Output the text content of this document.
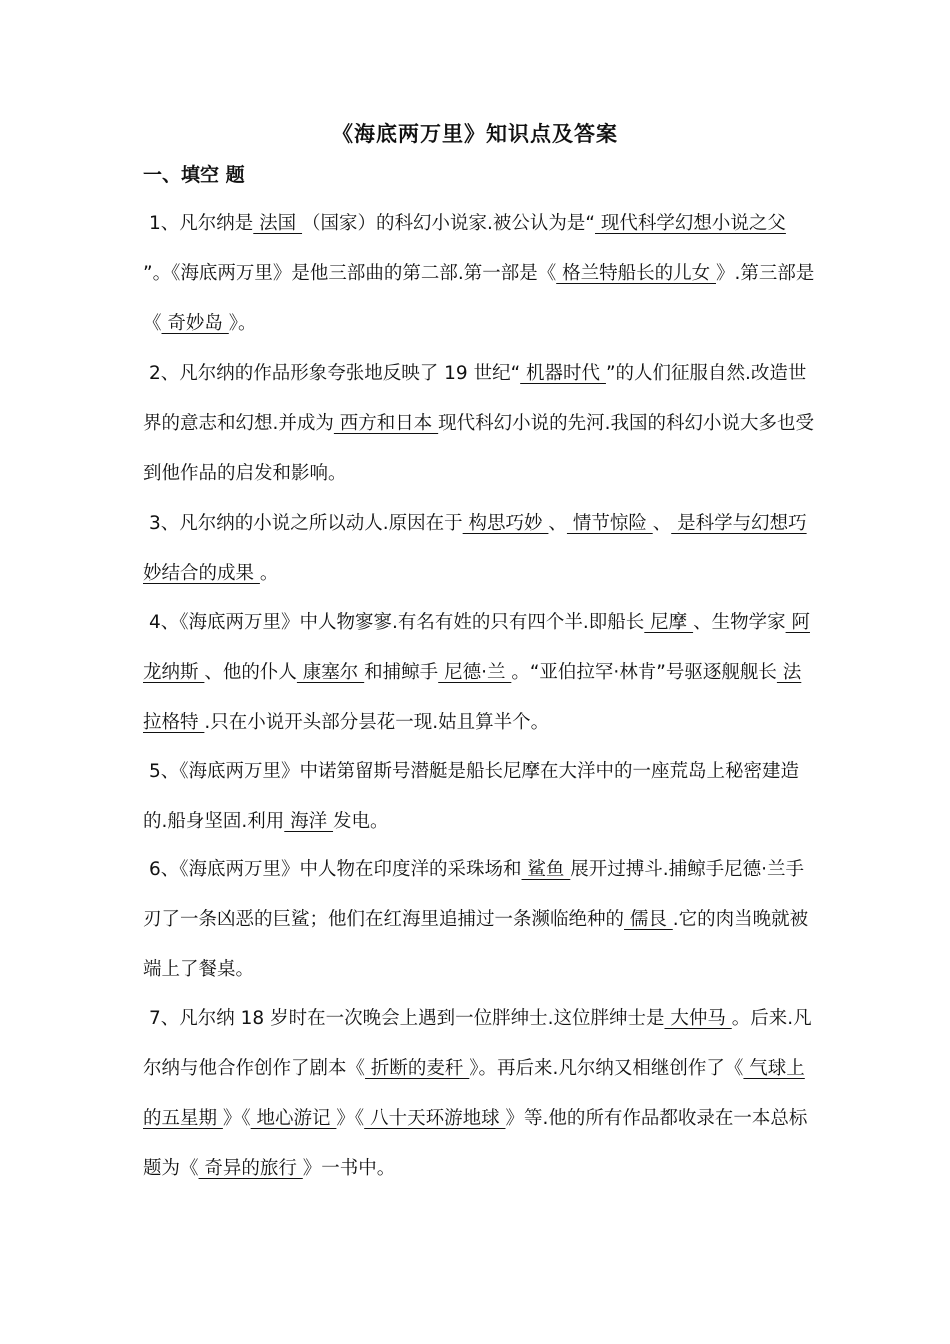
《海底两万里》知识点及答案
一、填空 题

1、凡尔纳是 法国 （国家）的科幻小说家.被公认为是“ 现代科学幻想小说之父 ”。《海底两万里》是他三部曲的第二部.第一部是《 格兰特船长的儿女 》.第三部是《 奇妙岛 》。

2、凡尔纳的作品形象夸张地反映了 19 世纪“ 机器时代 ”的人们征服自然.改造世界的意志和幻想.并成为 西方和日本 现代科幻小说的先河.我国的科幻小说大多也受到他作品的启发和影响。

3、凡尔纳的小说之所以动人.原因在于 构思巧妙 、 情节惊险 、 是科学与幻想巧妙结合的成果 。

4、《海底两万里》中人物寥寥.有名有姓的只有四个半.即船长 尼摩 、生物学家 阿龙纳斯 、他的仆人 康塞尔 和捕鲸手 尼德·兰 。“亚伯拉罕·林肯”号驱逐舰舰长 法拉格特 .只在小说开头部分昙花一现.姑且算半个。

5、《海底两万里》中诺第留斯号潜艇是船长尼摩在大洋中的一座荒岛上秘密建造的.船身坚固.利用 海洋 发电。

6、《海底两万里》中人物在印度洋的采珠场和 鲨鱼 展开过搏斗.捕鲸手尼德·兰手刃了一条凶恶的巨鲨；他们在红海里追捕过一条濒临绝种的 儒艮 .它的肉当晚就被端上了餐桌。

7、凡尔纳 18 岁时在一次晚会上遇到一位胖绅士.这位胖绅士是 大仲马 。后来.凡尔纳与他合作创作了剧本《 折断的麦秆 》。再后来.凡尔纳又相继创作了《 气球上的五星期 》《 地心游记 》《 八十天环游地球 》等.他的所有作品都收录在一本总标题为《 奇异的旅行 》一书中。
